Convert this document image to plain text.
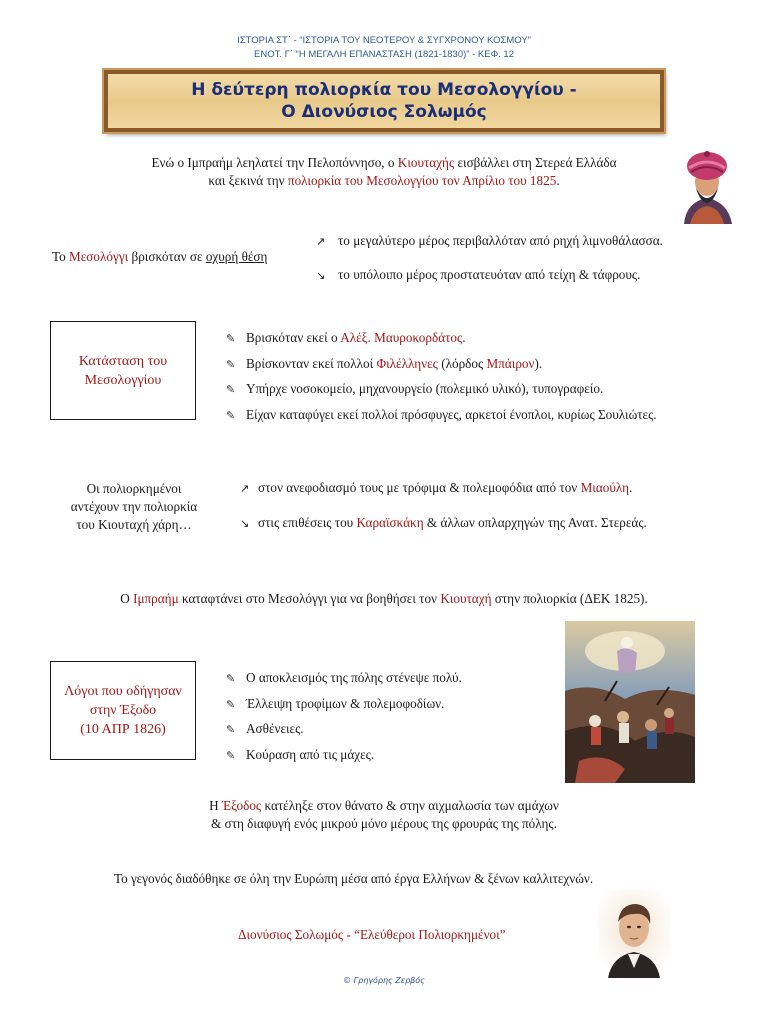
ΙΣΤΟΡΙΑ ΣΤ΄ - “ΙΣΤΟΡΙΑ ΤΟΥ ΝΕΟΤΕΡΟΥ & ΣΥΓΧΡΟΝΟΥ ΚΟΣΜΟΥ”
ΕΝΟΤ. Γ΄ “Η ΜΕΓΑΛΗ ΕΠΑΝΑΣΤΑΣΗ (1821-1830)” - ΚΕΦ. 12
Η δεύτερη πολιορκία του Μεσολογγίου -
Ο Διονύσιος Σολωμός
Ενώ ο Ιμπραήμ λεηλατεί την Πελοπόννησο, ο Κιουταχής εισβάλλει στη Στερεά Ελλάδα
και ξεκινά την πολιορκία του Μεσολογγίου τον Απρίλιο του 1825.
Το Μεσολόγγι βρισκόταν σε οχυρή θέση
↗ το μεγαλύτερο μέρος περιβαλλόταν από ρηχή λιμνοθάλασσα.
↘ το υπόλοιπο μέρος προστατευόταν από τείχη & τάφρους.
Κατάσταση του
Μεσολογγίου
✎ Βρισκόταν εκεί ο Αλέξ. Μαυροκορδάτος.
✎ Βρίσκονταν εκεί πολλοί Φιλέλληνες (λόρδος Μπάιρον).
✎ Υπήρχε νοσοκομείο, μηχανουργείο (πολεμικό υλικό), τυπογραφείο.
✎ Είχαν καταφύγει εκεί πολλοί πρόσφυγες, αρκετοί ένοπλοι, κυρίως Σουλιώτες.
Οι πολιορκημένοι
αντέχουν την πολιορκία
του Κιουταχή χάρη…
↗ στον ανεφοδιασμό τους με τρόφιμα & πολεμοφόδια από τον Μιαούλη.
↘ στις επιθέσεις του Καραϊσκάκη & άλλων οπλαρχηγών της Ανατ. Στερεάς.
Ο Ιμπραήμ καταφτάνει στο Μεσολόγγι για να βοηθήσει τον Κιουταχή στην πολιορκία (ΔΕΚ 1825).
Λόγοι που οδήγησαν
στην Έξοδο
(10 ΑΠΡ 1826)
✎ Ο αποκλεισμός της πόλης στένεψε πολύ.
✎ Έλλειψη τροφίμων & πολεμοφοδίων.
✎ Ασθένειες.
✎ Κούραση από τις μάχες.
Η Έξοδος κατέληξε στον θάνατο & στην αιχμαλωσία των αμάχων
& στη διαφυγή ενός μικρού μόνο μέρους της φρουράς της πόλης.
Το γεγονός διαδόθηκε σε όλη την Ευρώπη μέσα από έργα Ελλήνων & ξένων καλλιτεχνών.
Διονύσιος Σολωμός - “Ελεύθεροι Πολιορκημένοι”
© Γρηγόρης Ζερβός
